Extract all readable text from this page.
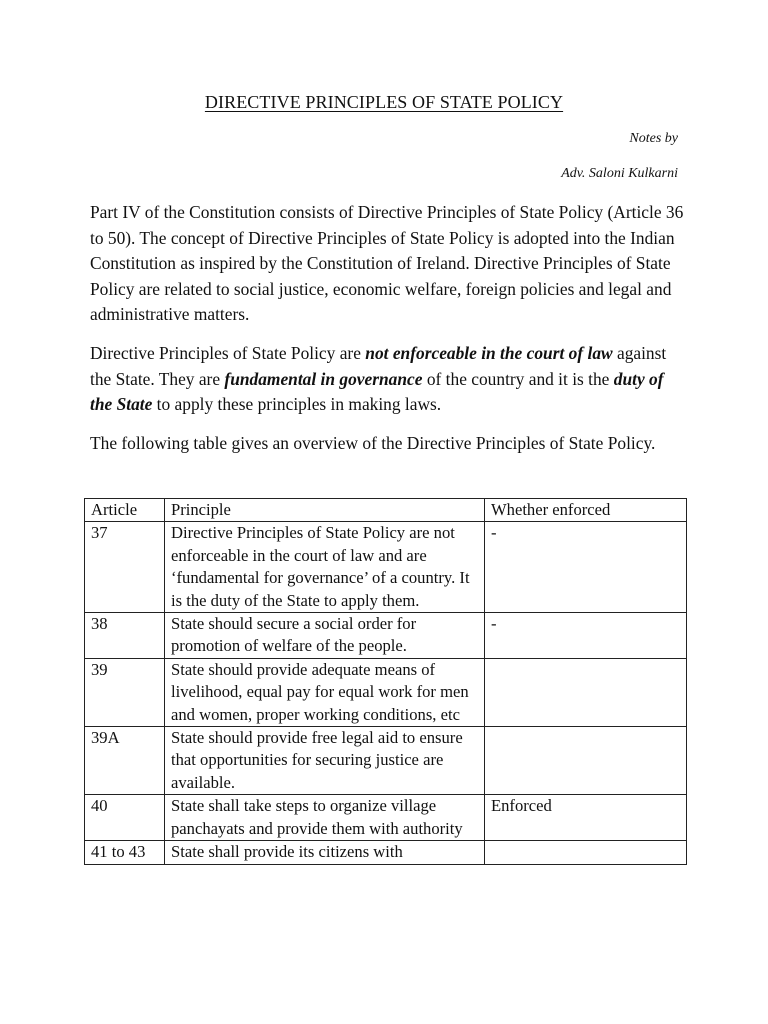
DIRECTIVE PRINCIPLES OF STATE POLICY
Notes by
Adv. Saloni Kulkarni

Part IV of the Constitution consists of Directive Principles of State Policy (Article 36 to 50). The concept of Directive Principles of State Policy is adopted into the Indian Constitution as inspired by the Constitution of Ireland. Directive Principles of State Policy are related to social justice, economic welfare, foreign policies and legal and administrative matters.

Directive Principles of State Policy are not enforceable in the court of law against the State. They are fundamental in governance of the country and it is the duty of the State to apply these principles in making laws.

The following table gives an overview of the Directive Principles of State Policy.

Article	Principle	Whether enforced
37	Directive Principles of State Policy are not enforceable in the court of law and are ‘fundamental for governance’ of a country. It is the duty of the State to apply them.	-
38	State should secure a social order for promotion of welfare of the people.	-
39	State should provide adequate means of livelihood, equal pay for equal work for men and women, proper working conditions, etc	
39A	State should provide free legal aid to ensure that opportunities for securing justice are available.	
40	State shall take steps to organize village panchayats and provide them with authority	Enforced
41 to 43	State shall provide its citizens with	
